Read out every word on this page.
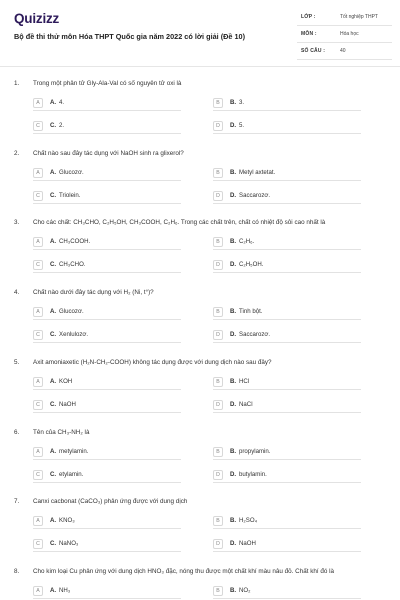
Quizizz
Bộ đề thi thử môn Hóa THPT Quốc gia năm 2022 có lời giải (Đề 10)
LỚP :	Tốt nghiệp THPT
MÔN :	Hóa học
SỐ CÂU :	40
1. Trong một phân tử Gly-Ala-Val có số nguyên tử oxi là
A	A. 4.	B	B. 3.
C	C. 2.	D	D. 5.
2. Chất nào sau đây tác dụng với NaOH sinh ra glixerol?
A	A. Glucozơ.	B	B. Metyl axtetat.
C	C. Triolein.	D	D. Saccarozơ.
3. Cho các chất: CH₃CHO, C₂H₅OH, CH₃COOH, C₂H₆. Trong các chất trên, chất có nhiệt độ sôi cao nhất là
A	A. CH₃COOH.	B	B. C₂H₆.
C	C. CH₃CHO.	D	D. C₂H₅OH.
4. Chất nào dưới đây tác dụng với H₂ (Ni, t°)?
A	A. Glucozơ.	B	B. Tinh bột.
C	C. Xenlulozơ.	D	D. Saccarozơ.
5. Axit amoniaxetic (H₂N-CH₂-COOH) không tác dụng được với dung dịch nào sau đây?
A	A. KOH	B	B. HCl
C	C. NaOH	D	D. NaCl
6. Tên của CH₃-NH₂ là
A	A. metylamin.	B	B. propylamin.
C	C. etylamin.	D	D. butylamin.
7. Canxi cacbonat (CaCO₃) phản ứng được với dung dịch
A	A. KNO₃	B	B. H₂SO₄
C	C. NaNO₃	D	D. NaOH
8. Cho kim loại Cu phản ứng với dung dịch HNO₃ đặc, nóng thu được một chất khí màu nâu đỏ. Chất khí đó là
A	A. NH₃	B	B. NO₂
